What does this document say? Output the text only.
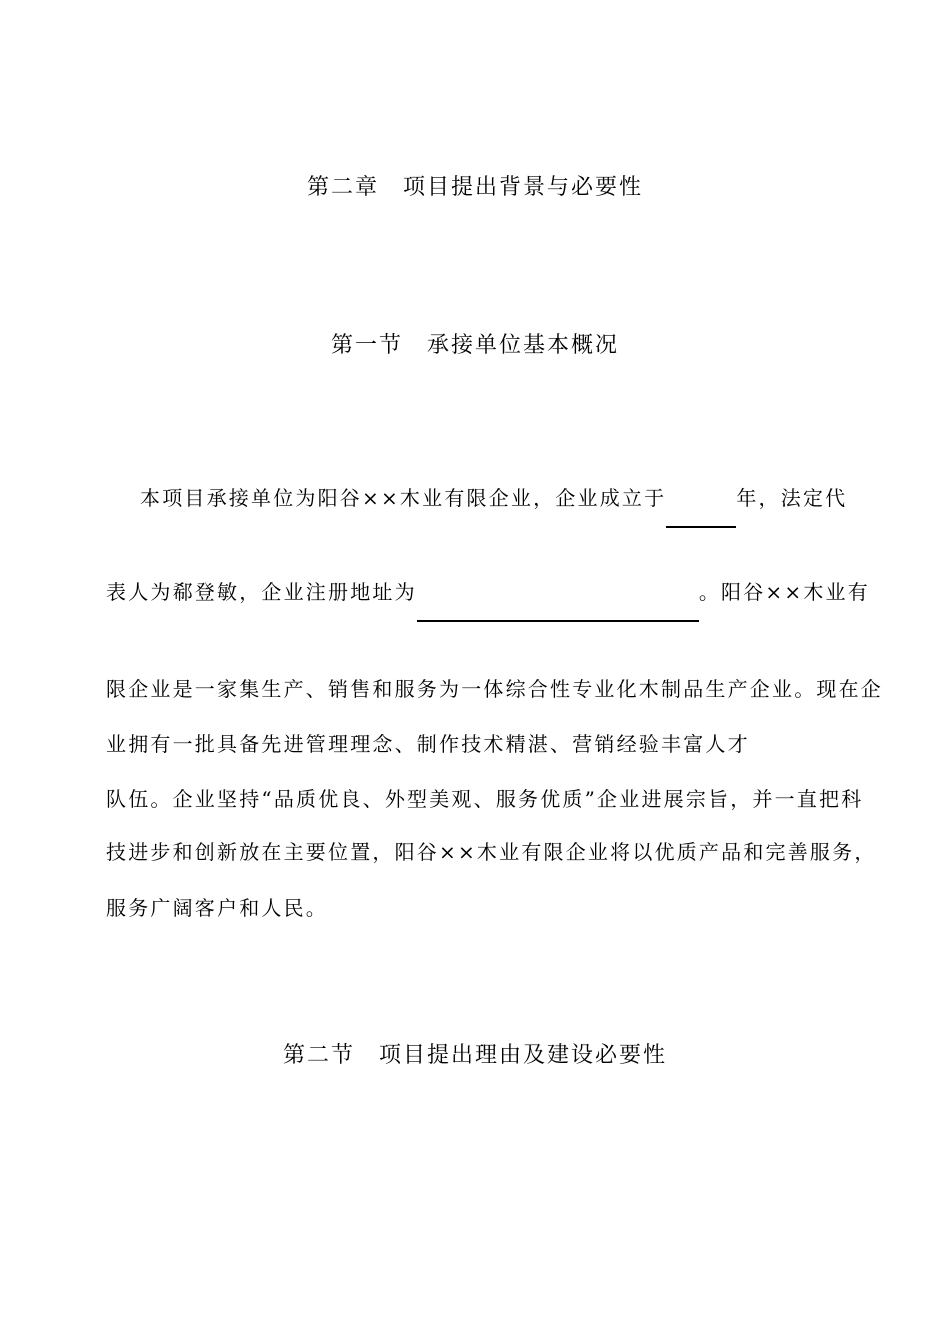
第二章　项目提出背景与必要性
第一节　承接单位基本概况
本项目承接单位为阳谷××木业有限企业，企业成立于	年，法定代
表人为郗登敏，企业注册地址为	。阳谷××木业有
限企业是一家集生产、销售和服务为一体综合性专业化木制品生产企业。现在企
业拥有一批具备先进管理理念、制作技术精湛、营销经验丰富人才
队伍。企业坚持“品质优良、外型美观、服务优质”企业进展宗旨，并一直把科
技进步和创新放在主要位置，阳谷××木业有限企业将以优质产品和完善服务，
服务广阔客户和人民。
第二节　项目提出理由及建设必要性
